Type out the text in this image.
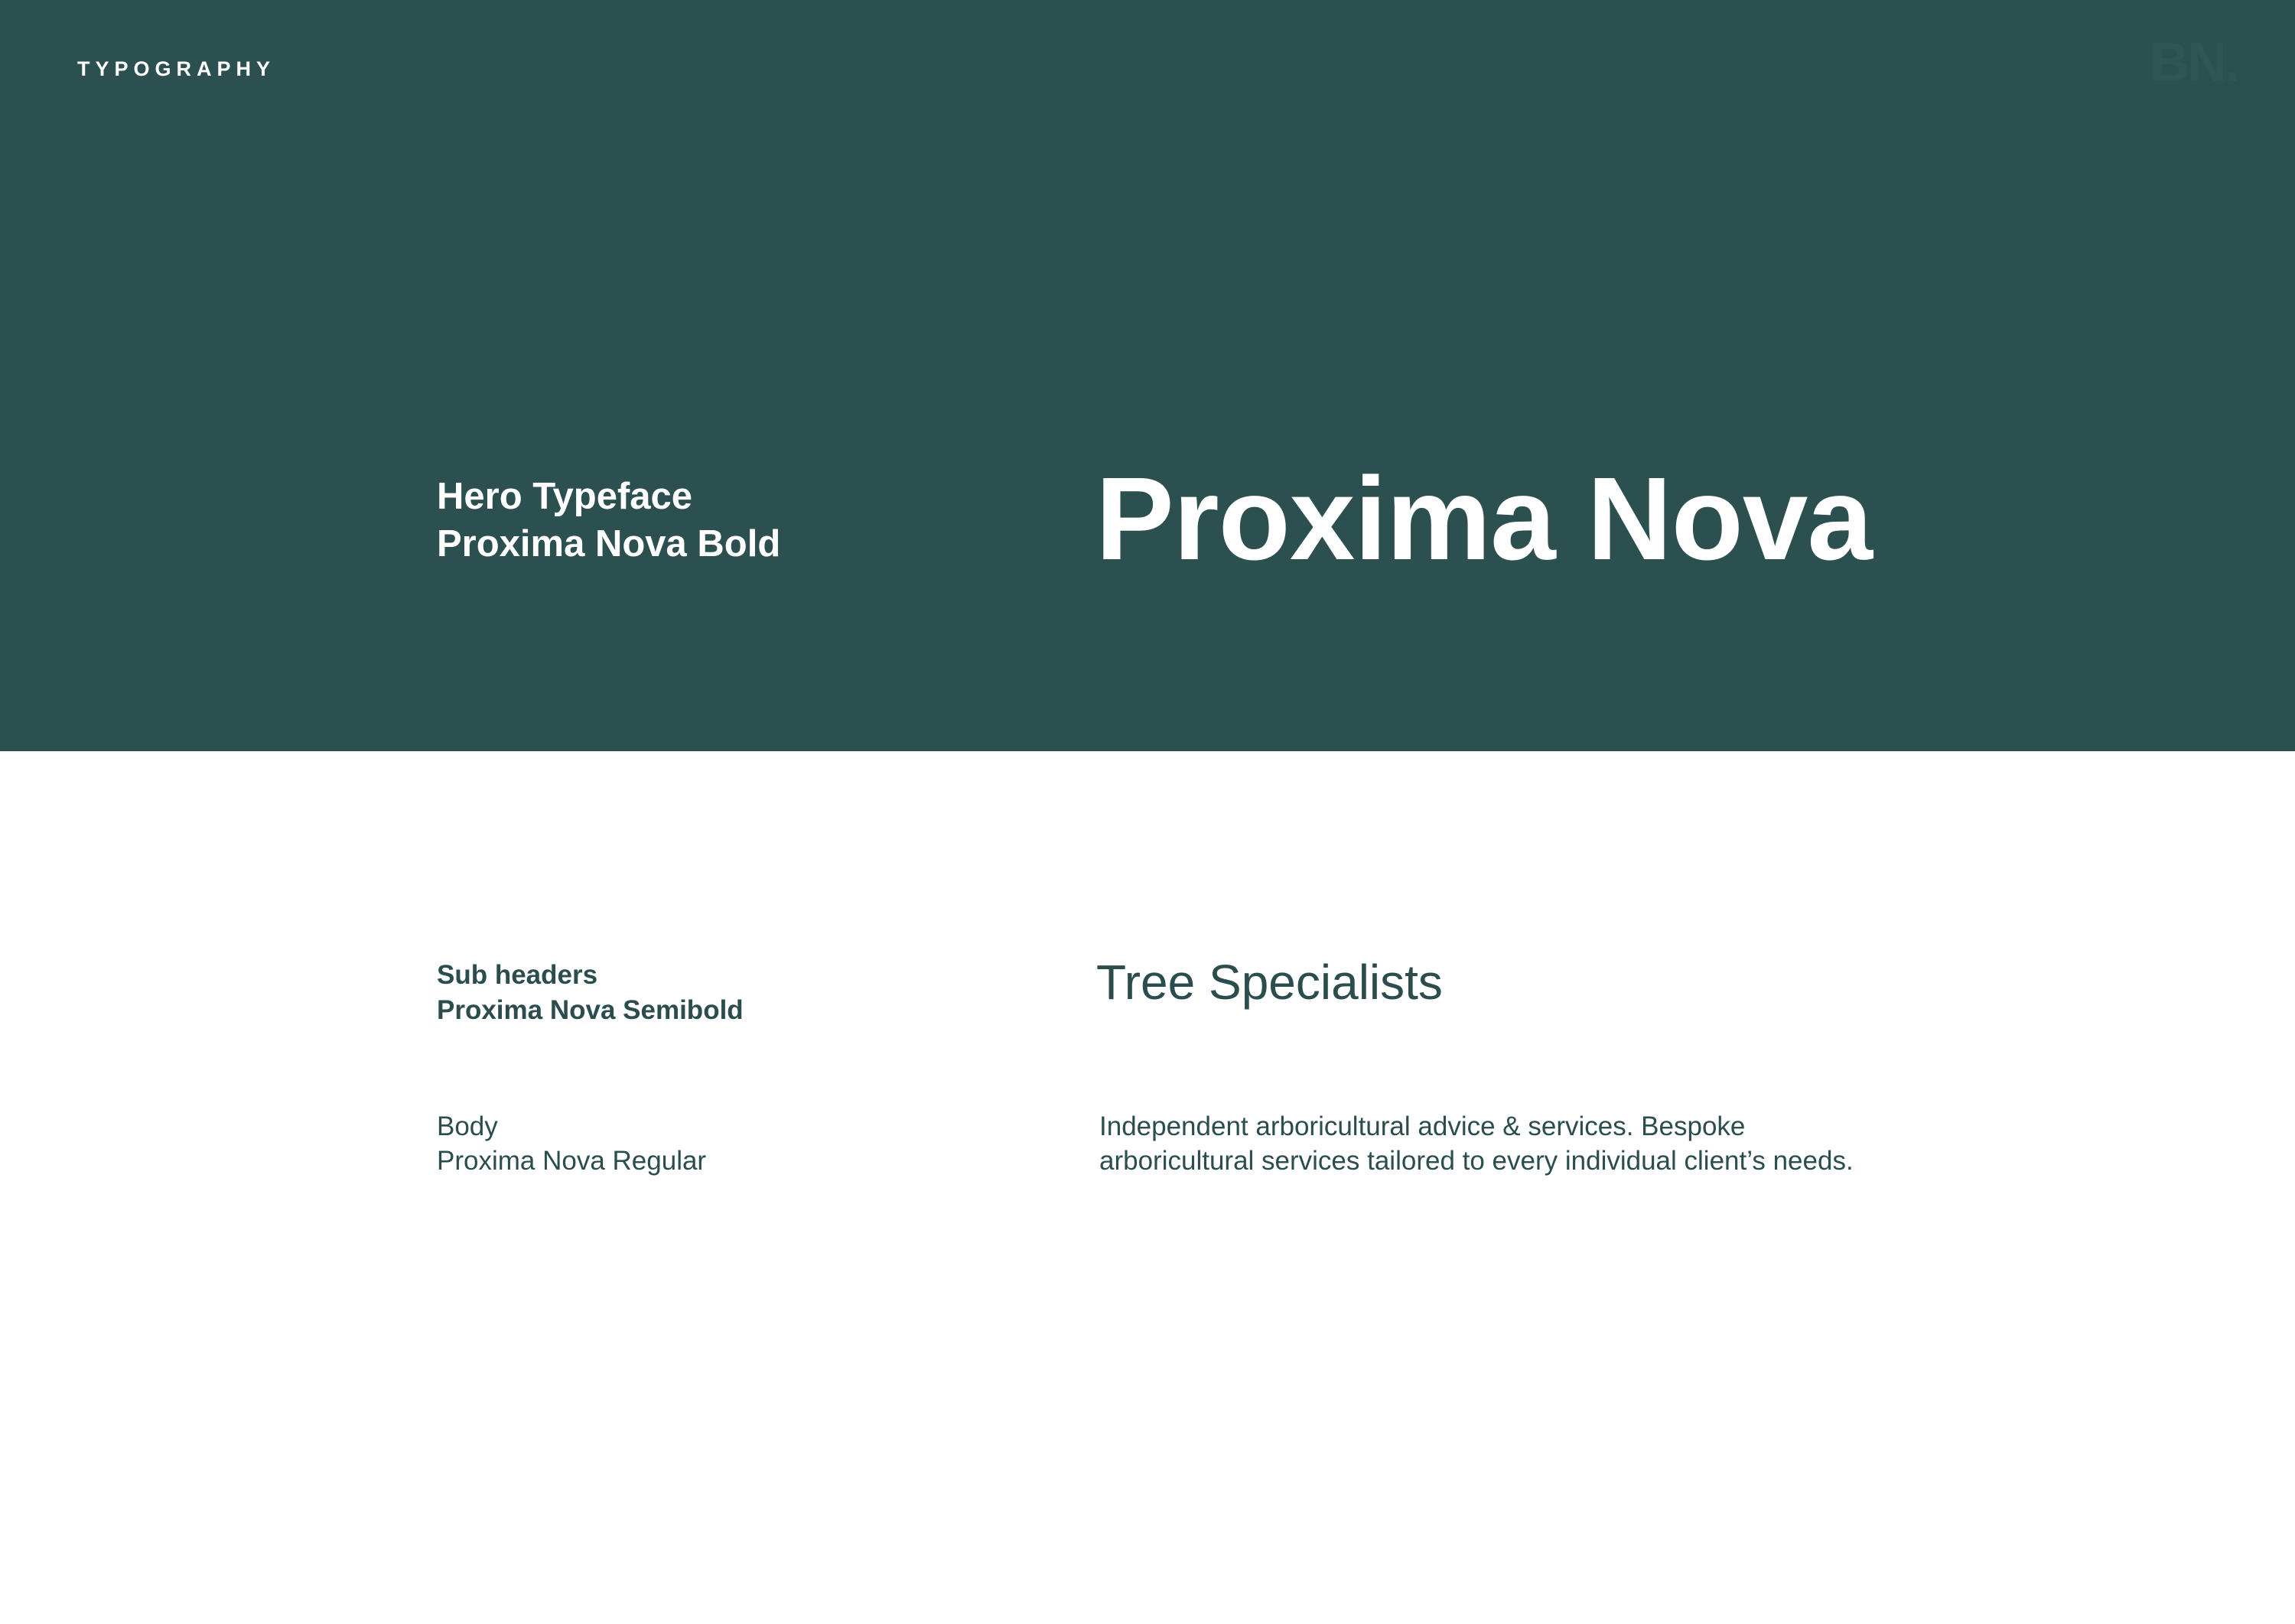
TYPOGRAPHY	BN.
Hero Typeface
Proxima Nova Bold	Proxima Nova
Sub headers
Proxima Nova Semibold
Tree Specialists
Body
Proxima Nova Regular
Independent arboricultural advice & services. Bespoke
arboricultural services tailored to every individual client’s needs.
